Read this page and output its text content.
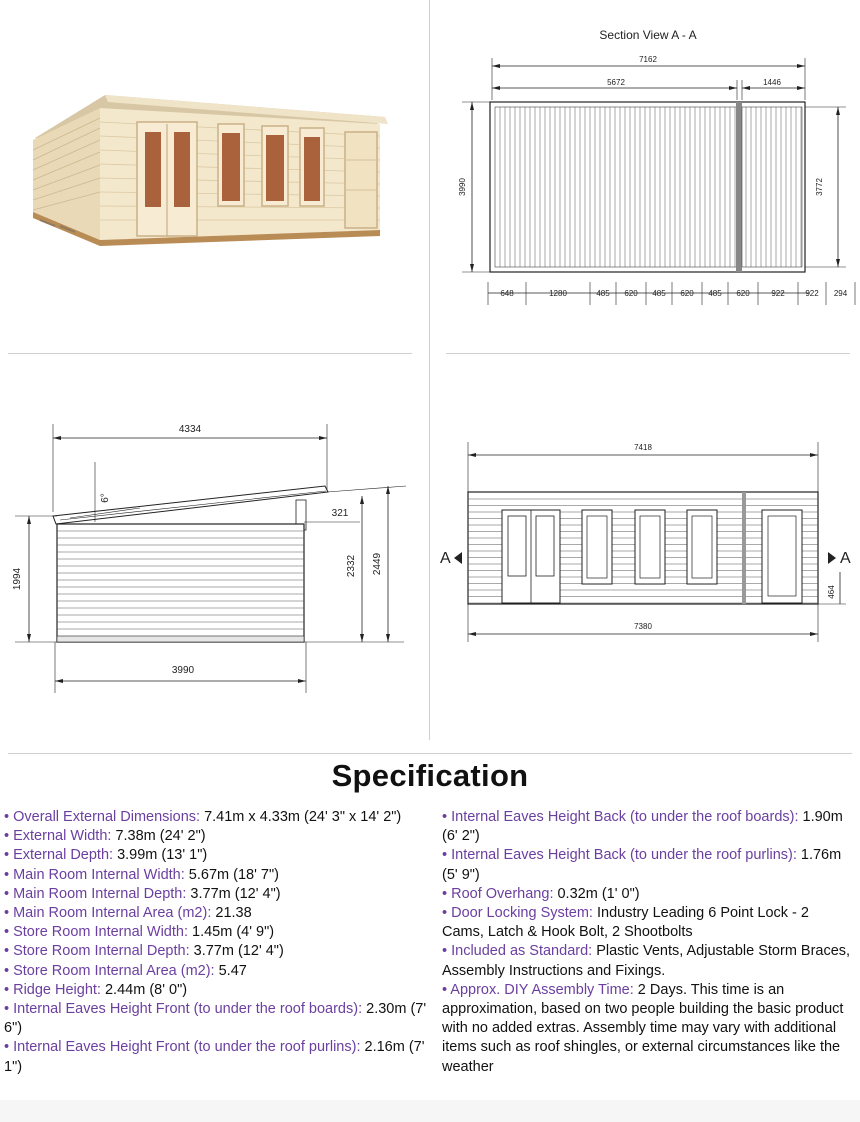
Section View A - A
7162
5672	1446
3990	3772
648	1280	485 620 485 620 485 620	922	922 294
4334
6°
1994
321
2332 2449
3990
7418
A	A
464
7380
Specification

• Overall External Dimensions: 7.41m x 4.33m (24' 3" x 14' 2")

• External Width: 7.38m (24' 2")

• External Depth: 3.99m (13' 1")

• Main Room Internal Width: 5.67m (18' 7")

• Main Room Internal Depth: 3.77m (12' 4")

• Main Room Internal Area (m2): 21.38

• Store Room Internal Width: 1.45m (4' 9")

• Store Room Internal Depth: 3.77m (12' 4")

• Store Room Internal Area (m2): 5.47

• Ridge Height: 2.44m (8' 0")

• Internal Eaves Height Front (to under the roof boards): 2.30m (7' 6")

• Internal Eaves Height Front (to under the roof purlins): 2.16m (7' 1")

• Internal Eaves Height Back (to under the roof boards): 1.90m (6' 2")

• Internal Eaves Height Back (to under the roof purlins): 1.76m (5' 9")

• Roof Overhang: 0.32m (1' 0")

• Door Locking System: Industry Leading 6 Point Lock - 2 Cams, Latch & Hook Bolt, 2 Shootbolts

• Included as Standard: Plastic Vents, Adjustable Storm Braces, Assembly Instructions and Fixings.

• Approx. DIY Assembly Time: 2 Days. This time is an approximation, based on two people building the basic product with no added extras. Assembly time may vary with additional items such as roof shingles, or external circumstances like the weather
